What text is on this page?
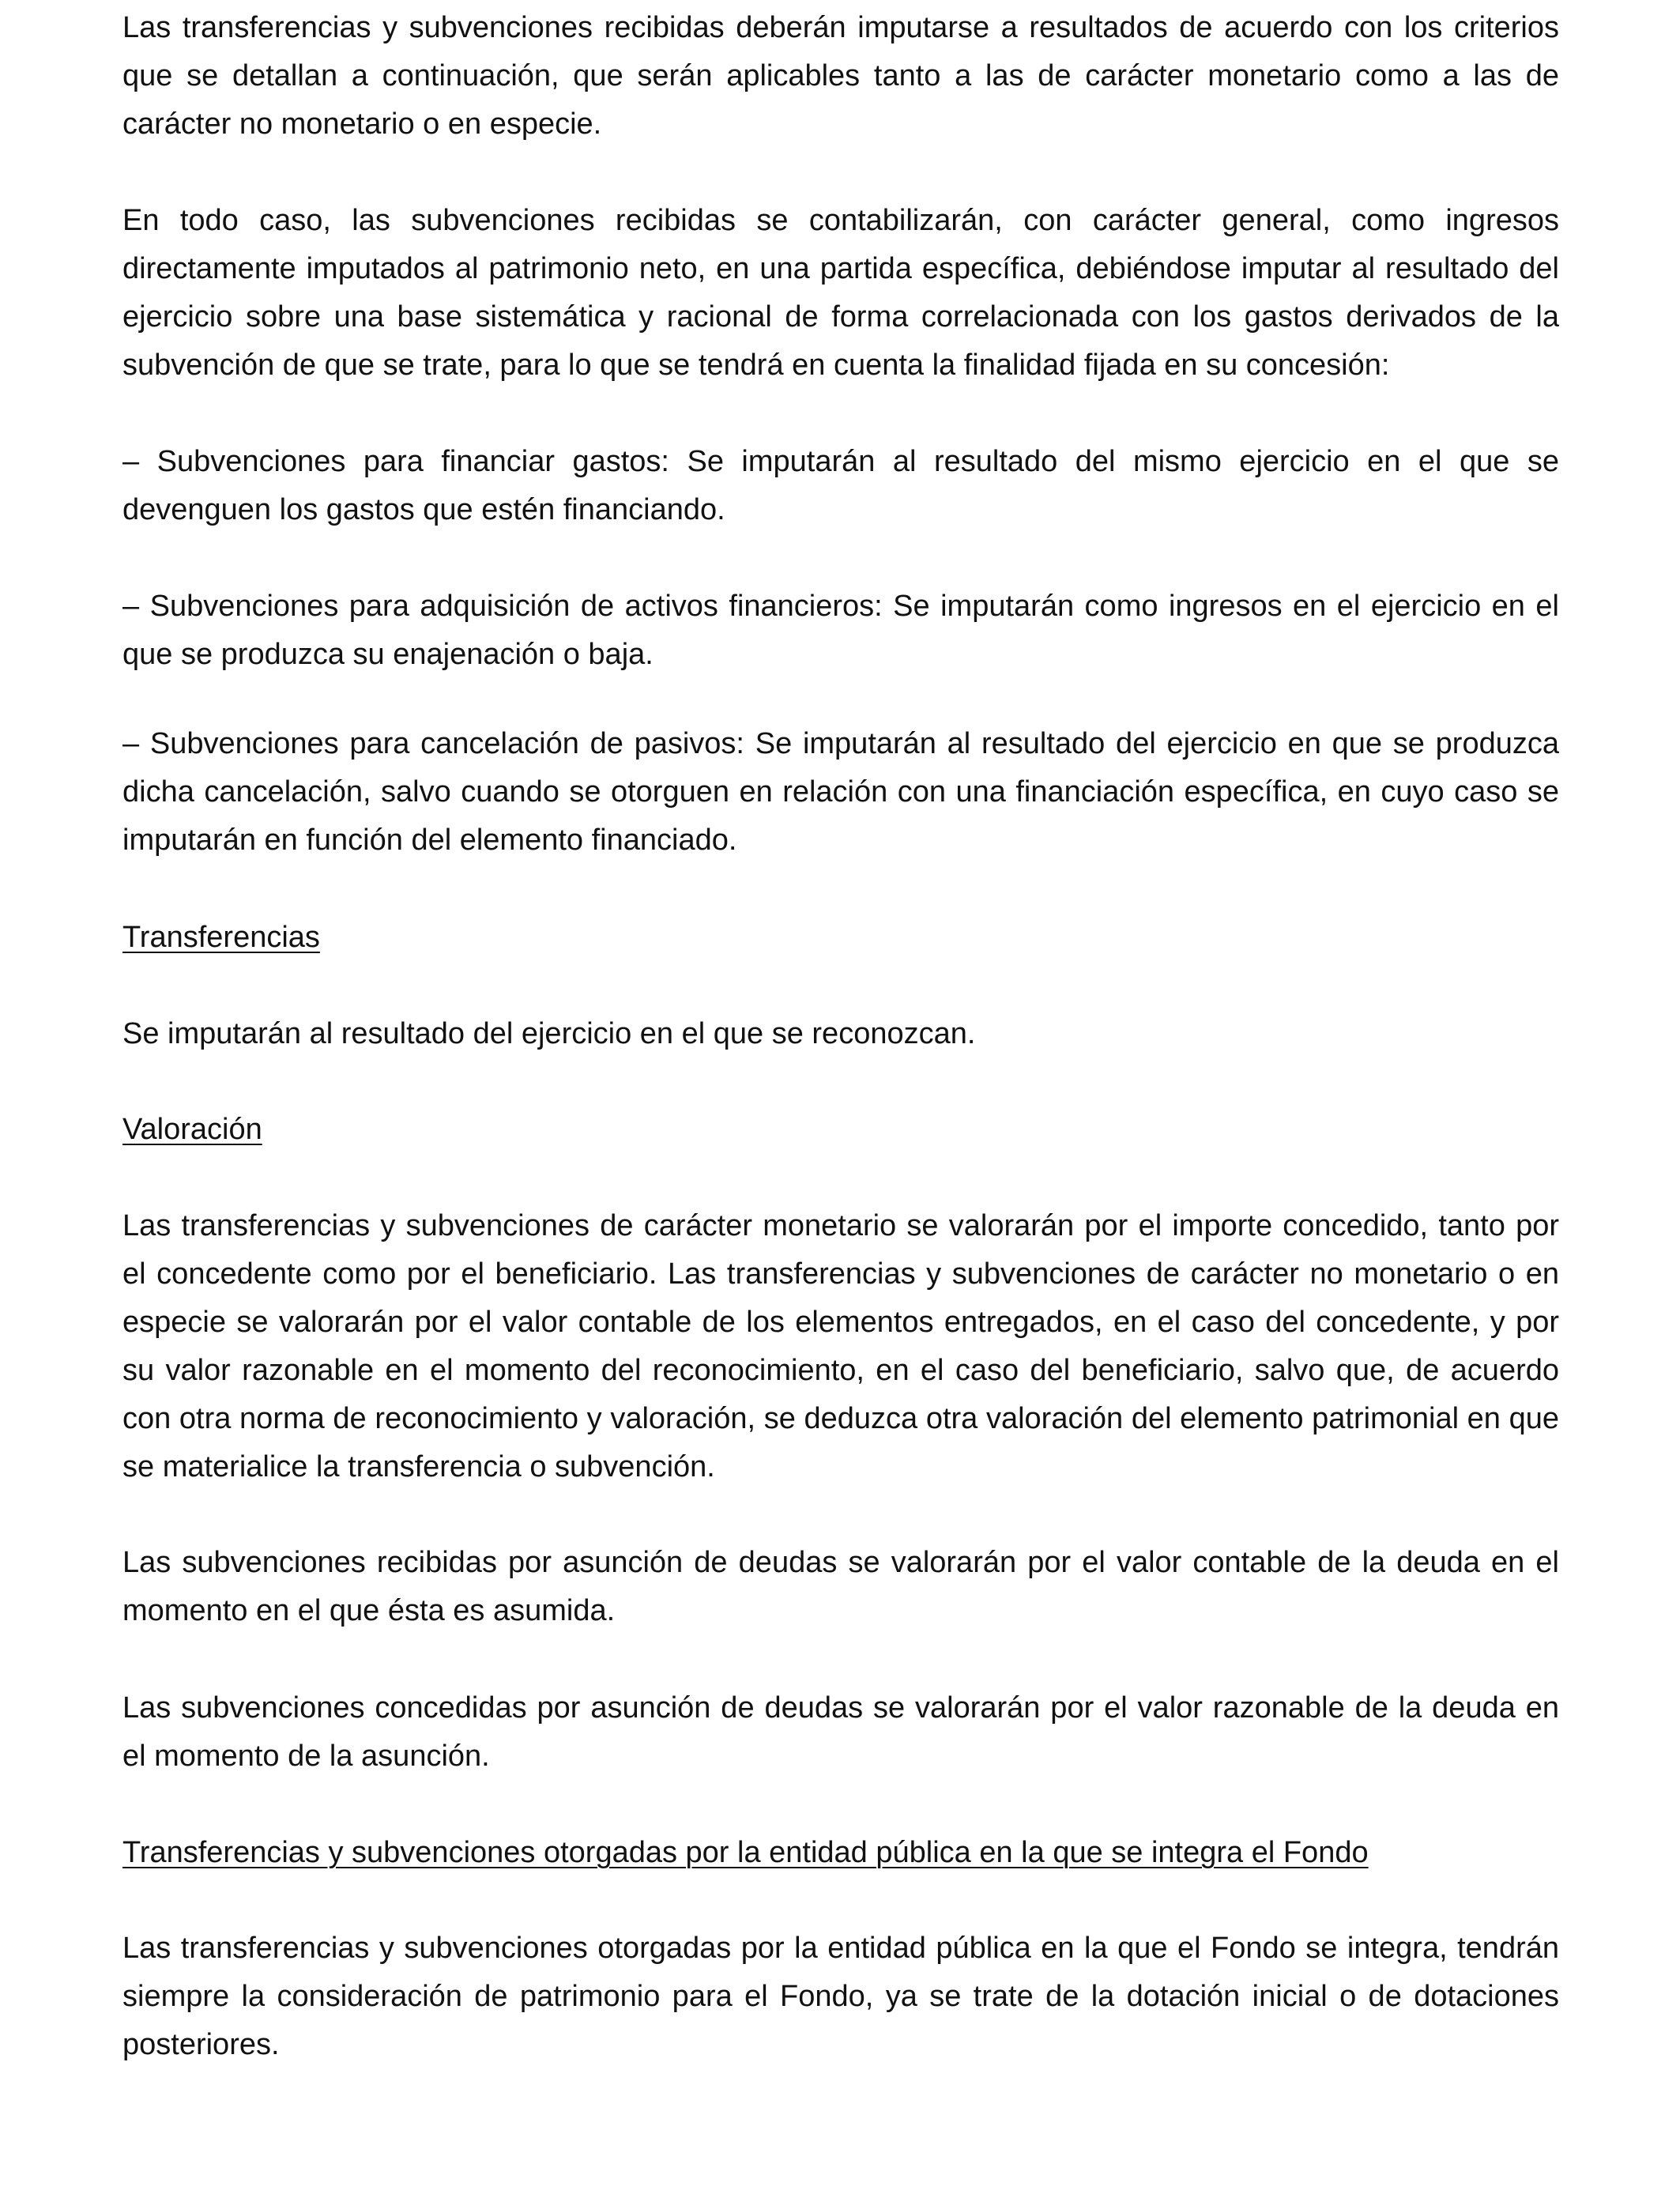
Las transferencias y subvenciones recibidas deberán imputarse a resultados de acuerdo con los criterios que se detallan a continuación, que serán aplicables tanto a las de carácter monetario como a las de carácter no monetario o en especie.

En todo caso, las subvenciones recibidas se contabilizarán, con carácter general, como ingresos directamente imputados al patrimonio neto, en una partida específica, debiéndose imputar al resultado del ejercicio sobre una base sistemática y racional de forma correlacionada con los gastos derivados de la subvención de que se trate, para lo que se tendrá en cuenta la finalidad fijada en su concesión:

– Subvenciones para financiar gastos: Se imputarán al resultado del mismo ejercicio en el que se devenguen los gastos que estén financiando.

– Subvenciones para adquisición de activos financieros: Se imputarán como ingresos en el ejercicio en el que se produzca su enajenación o baja.

– Subvenciones para cancelación de pasivos: Se imputarán al resultado del ejercicio en que se produzca dicha cancelación, salvo cuando se otorguen en relación con una financiación específica, en cuyo caso se imputarán en función del elemento financiado.

Transferencias

Se imputarán al resultado del ejercicio en el que se reconozcan.

Valoración

Las transferencias y subvenciones de carácter monetario se valorarán por el importe concedido, tanto por el concedente como por el beneficiario. Las transferencias y subvenciones de carácter no monetario o en especie se valorarán por el valor contable de los elementos entregados, en el caso del concedente, y por su valor razonable en el momento del reconocimiento, en el caso del beneficiario, salvo que, de acuerdo con otra norma de reconocimiento y valoración, se deduzca otra valoración del elemento patrimonial en que se materialice la transferencia o subvención.

Las subvenciones recibidas por asunción de deudas se valorarán por el valor contable de la deuda en el momento en el que ésta es asumida.

Las subvenciones concedidas por asunción de deudas se valorarán por el valor razonable de la deuda en el momento de la asunción.

Transferencias y subvenciones otorgadas por la entidad pública en la que se integra el Fondo

Las transferencias y subvenciones otorgadas por la entidad pública en la que el Fondo se integra, tendrán siempre la consideración de patrimonio para el Fondo, ya se trate de la dotación inicial o de dotaciones posteriores.
